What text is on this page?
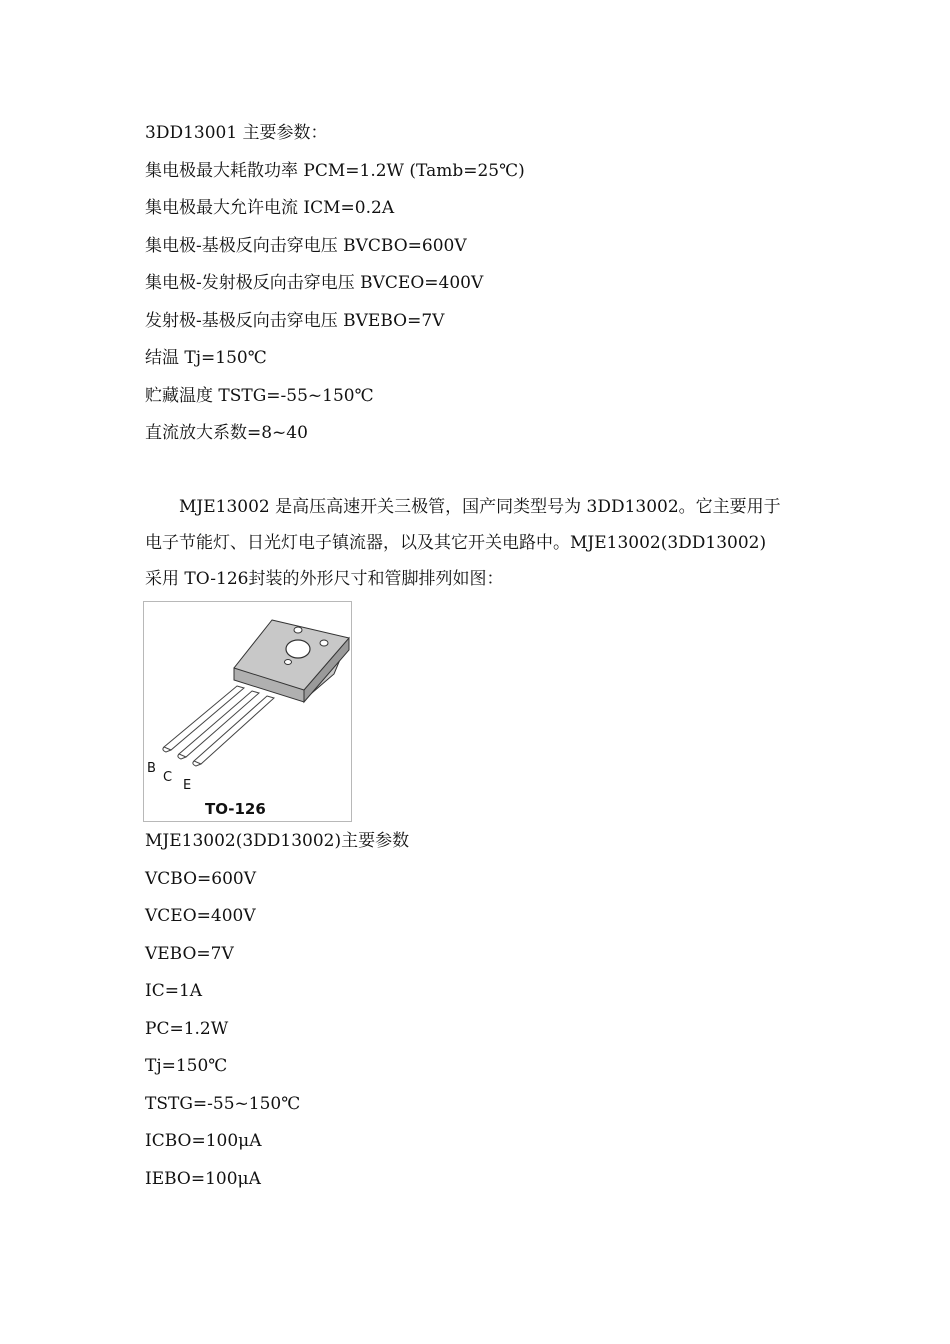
3DD13001 主要参数：
集电极最大耗散功率 PCM=1.2W (Tamb=25℃)
集电极最大允许电流 ICM=0.2A
集电极-基极反向击穿电压 BVCBO=600V
集电极-发射极反向击穿电压 BVCEO=400V
发射极-基极反向击穿电压 BVEBO=7V
结温 Tj=150℃
贮藏温度 TSTG=-55~150℃
直流放大系数=8~40
MJE13002 是高压高速开关三极管，国产同类型号为 3DD13002。它主要用于
电子节能灯、日光灯电子镇流器，以及其它开关电路中。MJE13002(3DD13002)
采用 TO-126封装的外形尺寸和管脚排列如图：
B
C
E
TO-126
MJE13002(3DD13002)主要参数
VCBO=600V
VCEO=400V
VEBO=7V
IC=1A
PC=1.2W
Tj=150℃
TSTG=-55~150℃
ICBO=100μA
IEBO=100μA
